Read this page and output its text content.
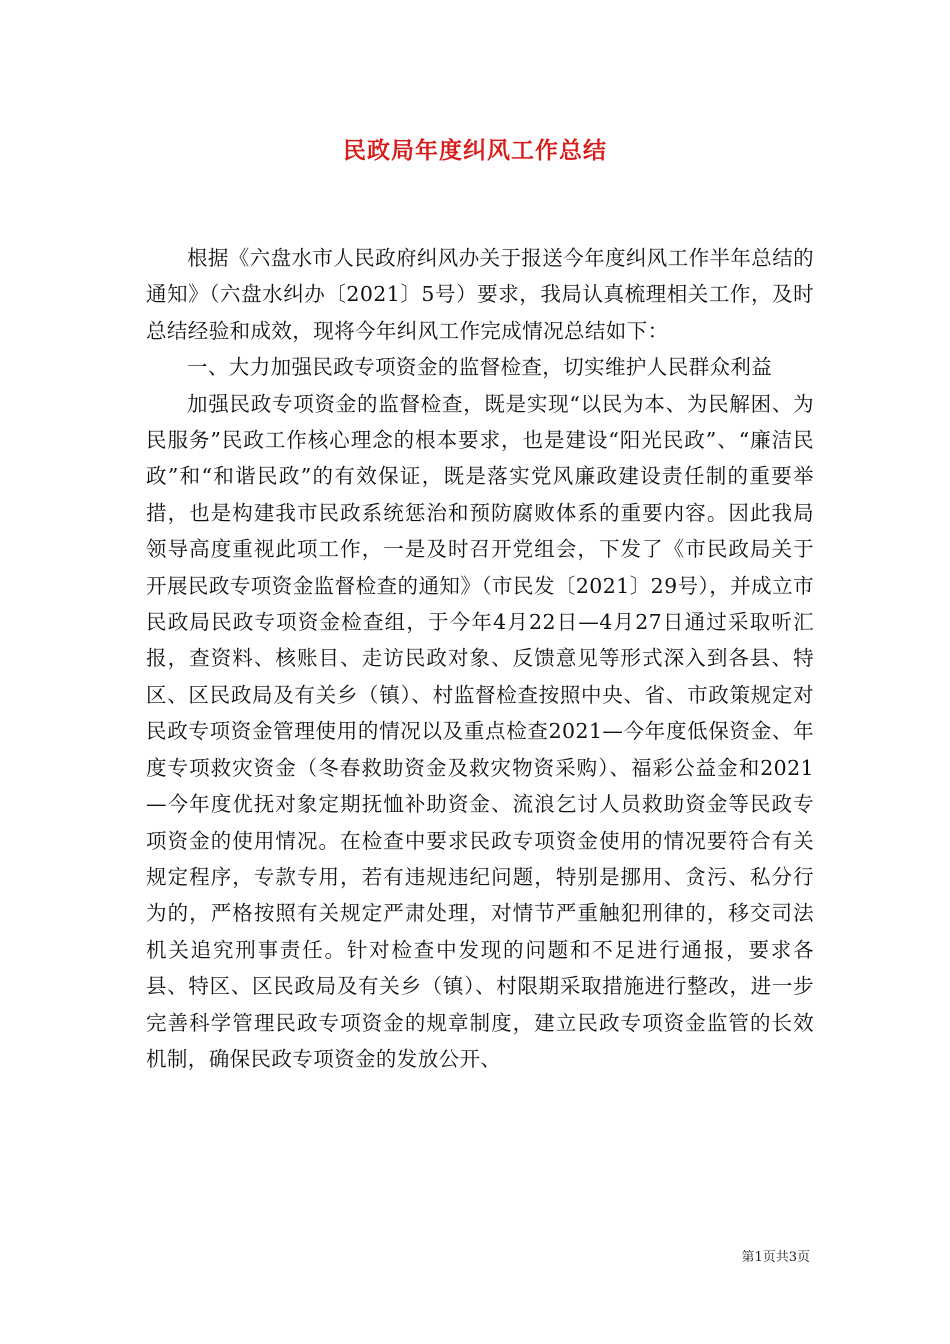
民政局年度纠风工作总结

根据《六盘水市人民政府纠风办关于报送今年度纠风工作半年总结的通知》（六盘水纠办〔2021〕5号）要求，我局认真梳理相关工作，及时总结经验和成效，现将今年纠风工作完成情况总结如下：

一、大力加强民政专项资金的监督检查，切实维护人民群众利益

加强民政专项资金的监督检查，既是实现“以民为本、为民解困、为民服务”民政工作核心理念的根本要求，也是建设“阳光民政”、“廉洁民政”和“和谐民政”的有效保证，既是落实党风廉政建设责任制的重要举措，也是构建我市民政系统惩治和预防腐败体系的重要内容。因此我局领导高度重视此项工作，一是及时召开党组会，下发了《市民政局关于开展民政专项资金监督检查的通知》（市民发〔2021〕29号），并成立市民政局民政专项资金检查组，于今年4月22日—4月27日通过采取听汇报，查资料、核账目、走访民政对象、反馈意见等形式深入到各县、特区、区民政局及有关乡（镇）、村监督检查按照中央、省、市政策规定对民政专项资金管理使用的情况以及重点检查2021—今年度低保资金、年度专项救灾资金（冬春救助资金及救灾物资采购）、福彩公益金和2021—今年度优抚对象定期抚恤补助资金、流浪乞讨人员救助资金等民政专项资金的使用情况。在检查中要求民政专项资金使用的情况要符合有关规定程序，专款专用，若有违规违纪问题，特别是挪用、贪污、私分行为的，严格按照有关规定严肃处理，对情节严重触犯刑律的，移交司法机关追究刑事责任。针对检查中发现的问题和不足进行通报，要求各县、特区、区民政局及有关乡（镇）、村限期采取措施进行整改，进一步完善科学管理民政专项资金的规章制度，建立民政专项资金监管的长效机制，确保民政专项资金的发放公开、

第1页共3页
